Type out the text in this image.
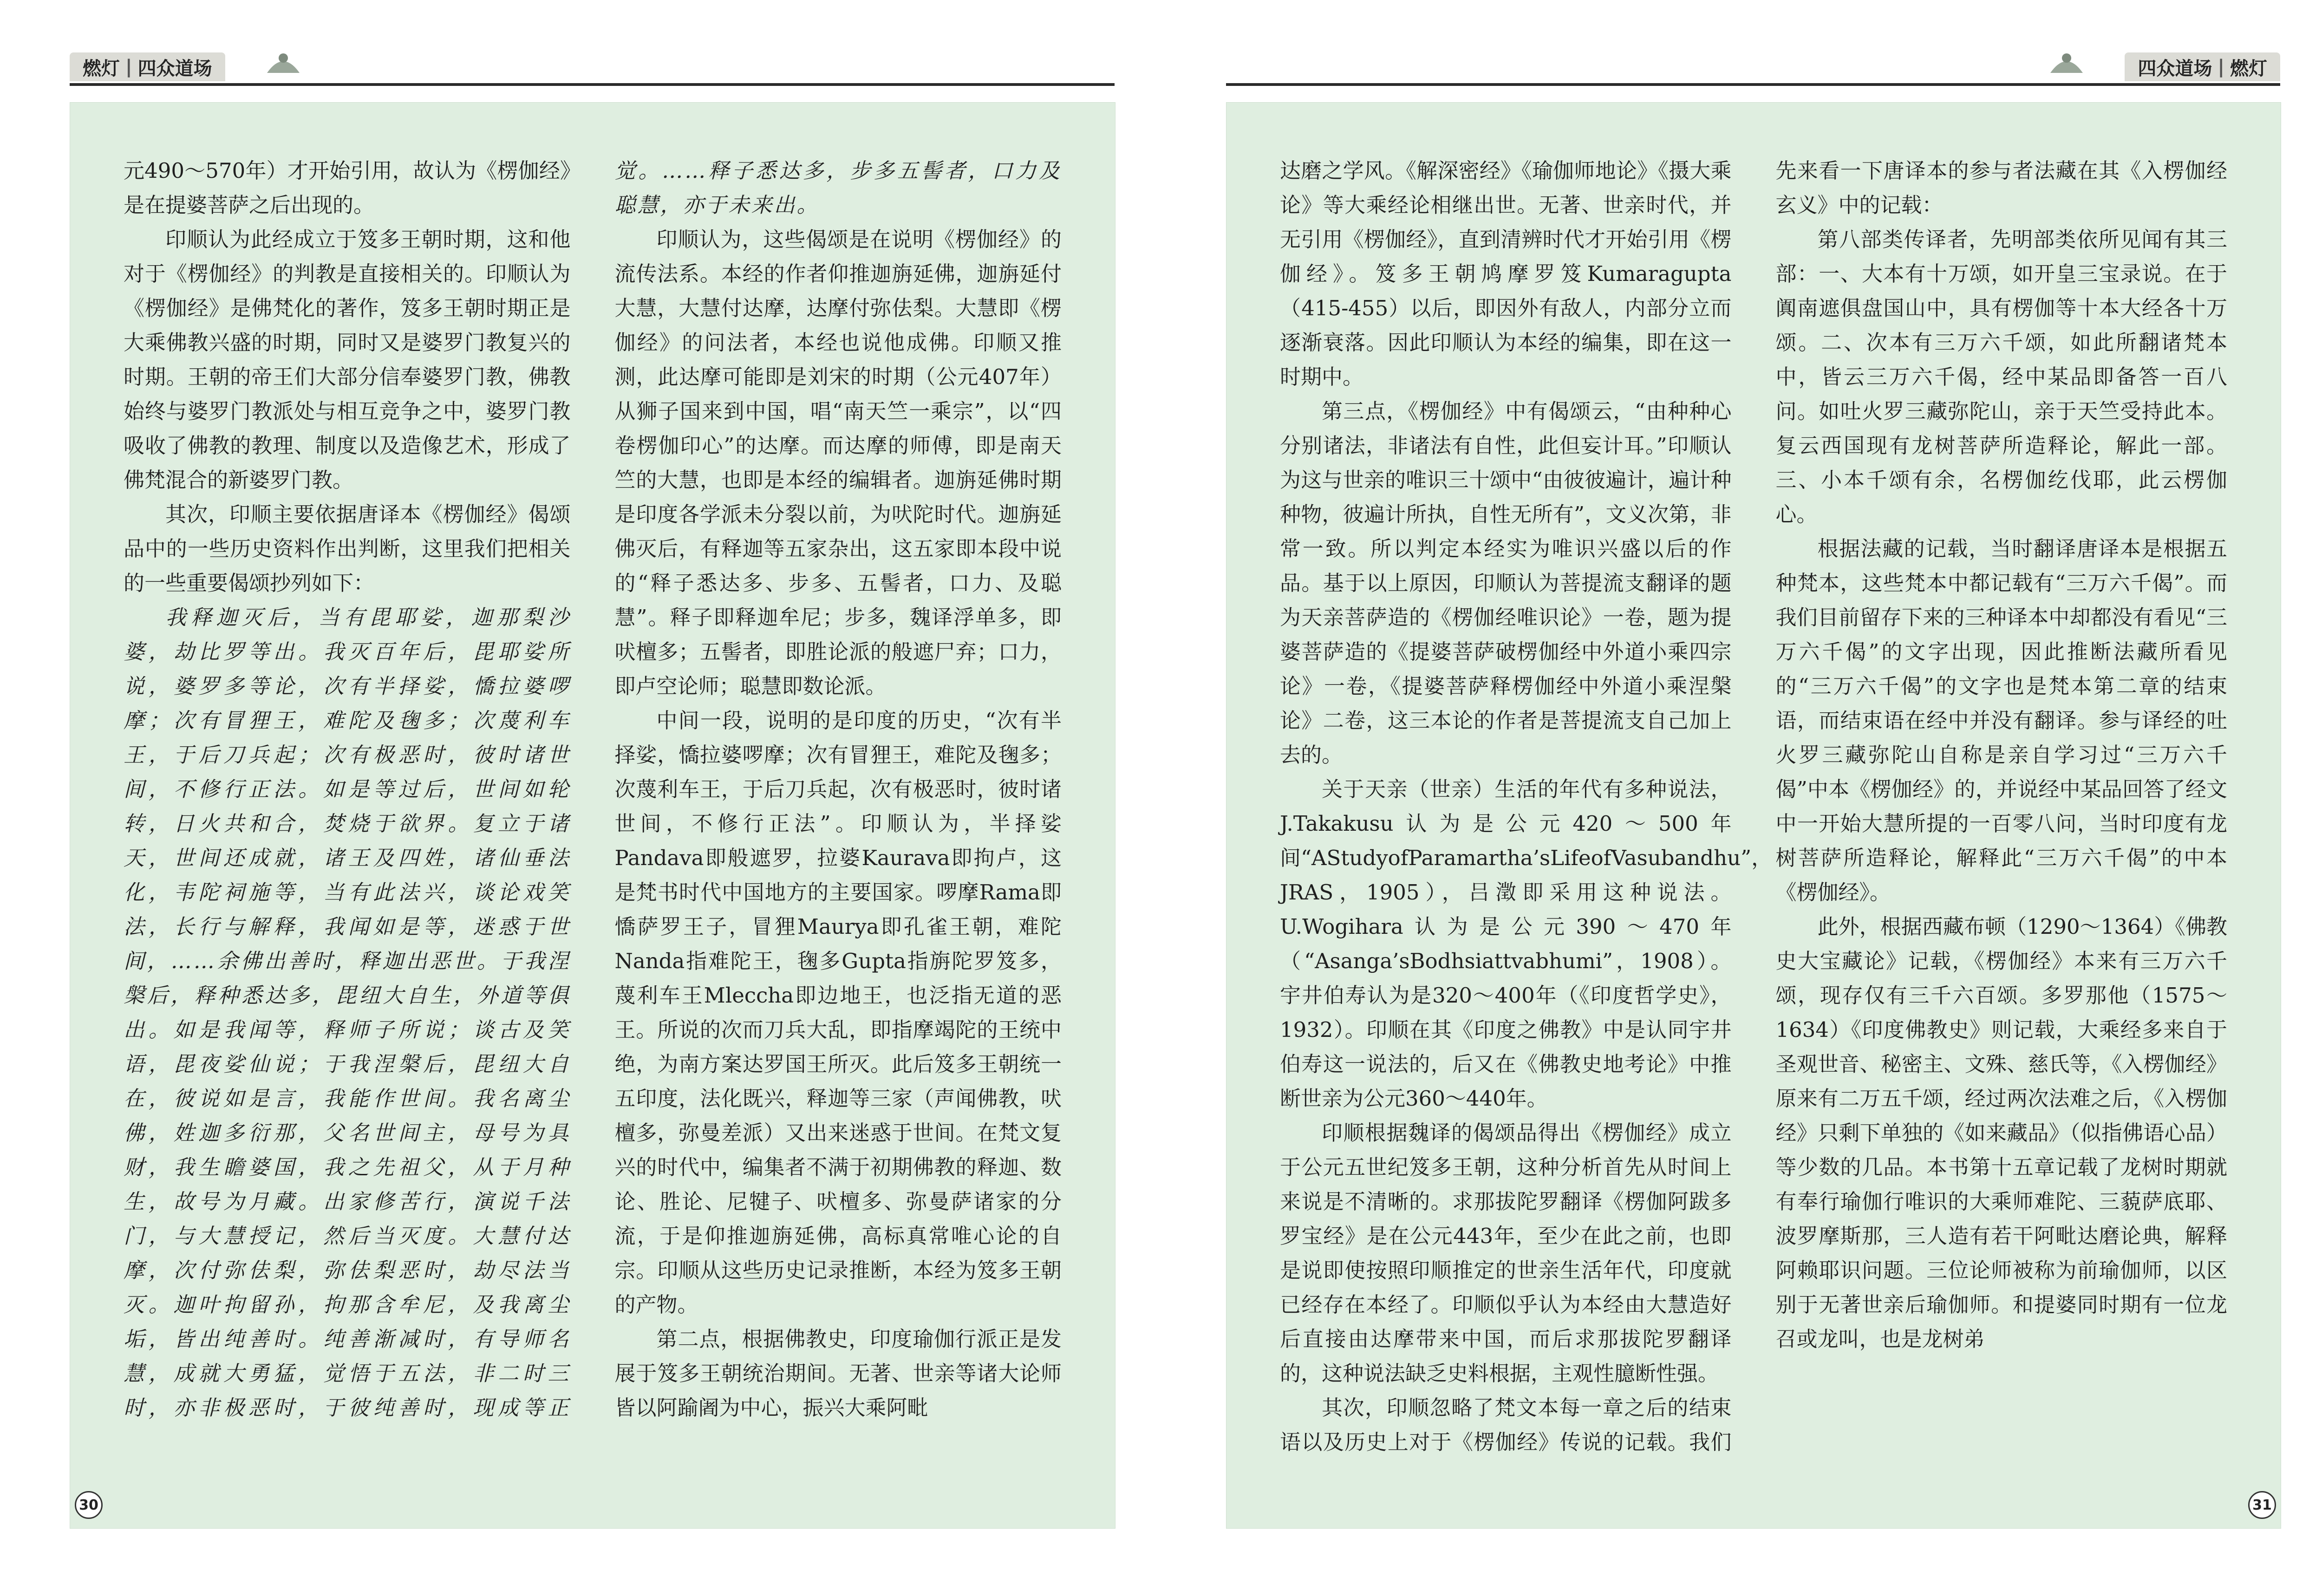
燃灯 | 四众道场	四众道场 | 燃灯

元490～570年）才开始引用，故认为《楞伽经》是在提婆菩萨之后出现的。

印顺认为此经成立于笈多王朝时期，这和他对于《楞伽经》的判教是直接相关的。印顺认为《楞伽经》是佛梵化的著作，笈多王朝时期正是大乘佛教兴盛的时期，同时又是婆罗门教复兴的时期。王朝的帝王们大部分信奉婆罗门教，佛教始终与婆罗门教派处与相互竞争之中，婆罗门教吸收了佛教的教理、制度以及造像艺术，形成了佛梵混合的新婆罗门教。

其次，印顺主要依据唐译本《楞伽经》偈颂品中的一些历史资料作出判断，这里我们把相关的一些重要偈颂抄列如下：

我释迦灭后，当有毘耶娑，迦那梨沙婆，劫比罗等出。我灭百年后，毘耶娑所说，婆罗多等论，次有半择娑，憍拉婆啰摩；次有冒狸王，难陀及毱多；次蔑利车王，于后刀兵起；次有极恶时，彼时诸世间，不修行正法。如是等过后，世间如轮转，日火共和合，焚烧于欲界。复立于诸天，世间还成就，诸王及四姓，诸仙垂法化，韦陀祠施等，当有此法兴，谈论戏笑法，长行与解释，我闻如是等，迷惑于世间，……余佛出善时，释迦出恶世。于我涅槃后，释种悉达多，毘纽大自生，外道等俱出。如是我闻等，释师子所说；谈古及笑语，毘夜娑仙说；于我涅槃后，毘纽大自在，彼说如是言，我能作世间。我名离尘佛，姓迦多衍那，父名世间主，母号为具财，我生瞻婆国，我之先祖父，从于月种生，故号为月藏。出家修苦行，演说千法门，与大慧授记，然后当灭度。大慧付达摩，次付弥佉梨，弥佉梨恶时，劫尽法当灭。迦叶拘留孙，拘那含牟尼，及我离尘垢，皆出纯善时。纯善渐减时，有导师名慧，成就大勇猛，觉悟于五法，非二时三时，亦非极恶时，于彼纯善时，现成等正觉。……释子悉达多，步多五髻者，口力及聪慧，亦于未来出。

印顺认为，这些偈颂是在说明《楞伽经》的流传法系。本经的作者仰推迦旃延佛，迦旃延付大慧，大慧付达摩，达摩付弥佉梨。大慧即《楞伽经》的问法者，本经也说他成佛。印顺又推测，此达摩可能即是刘宋的时期（公元407年）从狮子国来到中国，唱“南天竺一乘宗”，以“四卷楞伽印心”的达摩。而达摩的师傅，即是南天竺的大慧，也即是本经的编辑者。迦旃延佛时期是印度各学派未分裂以前，为吠陀时代。迦旃延佛灭后，有释迦等五家杂出，这五家即本段中说的“释子悉达多、步多、五髻者，口力、及聪慧”。释子即释迦牟尼；步多，魏译浮单多，即吠檀多；五髻者，即胜论派的般遮尸弃；口力，即卢空论师；聪慧即数论派。

中间一段，说明的是印度的历史，“次有半择娑，憍拉婆啰摩；次有冒狸王，难陀及毱多；次蔑利车王，于后刀兵起，次有极恶时，彼时诸世间，不修行正法”。印顺认为，半择娑Pandava即般遮罗，拉婆Kaurava即拘卢，这是梵书时代中国地方的主要国家。啰摩Rama即憍萨罗王子，冒狸Maurya即孔雀王朝，难陀Nanda指难陀王，毱多Gupta指旃陀罗笈多，蔑利车王Mleccha即边地王，也泛指无道的恶王。所说的次而刀兵大乱，即指摩竭陀的王统中绝，为南方案达罗国王所灭。此后笈多王朝统一五印度，法化既兴，释迦等三家（声闻佛教，吠檀多，弥曼差派）又出来迷惑于世间。在梵文复兴的时代中，编集者不满于初期佛教的释迦、数论、胜论、尼犍子、吠檀多、弥曼萨诸家的分流，于是仰推迦旃延佛，高标真常唯心论的自宗。印顺从这些历史记录推断，本经为笈多王朝的产物。

第二点，根据佛教史，印度瑜伽行派正是发展于笈多王朝统治期间。无著、世亲等诸大论师皆以阿踰阇为中心，振兴大乘阿毗

30

达磨之学风。《解深密经》《瑜伽师地论》《摄大乘论》等大乘经论相继出世。无著、世亲时代，并无引用《楞伽经》，直到清辨时代才开始引用《楞伽经》。笈多王朝鸠摩罗笈Kumaragupta（415-455）以后，即因外有敌人，内部分立而逐渐衰落。因此印顺认为本经的编集，即在这一时期中。

第三点，《楞伽经》中有偈颂云，“由种种心分别诸法，非诸法有自性，此但妄计耳。”印顺认为这与世亲的唯识三十颂中“由彼彼遍计，遍计种种物，彼遍计所执，自性无所有”，文义次第，非常一致。所以判定本经实为唯识兴盛以后的作品。基于以上原因，印顺认为菩提流支翻译的题为天亲菩萨造的《楞伽经唯识论》一卷，题为提婆菩萨造的《提婆菩萨破楞伽经中外道小乘四宗论》一卷，《提婆菩萨释楞伽经中外道小乘涅槃论》二卷，这三本论的作者是菩提流支自己加上去的。

关于天亲（世亲）生活的年代有多种说法，J.Takakusu认为是公元420～500年间“AStudyofParamartha’sLifeofVasubandhu”，JRAS，1905），吕澂即采用这种说法。U.Wogihara认为是公元390～470年（“Asanga’sBodhsiattvabhumi”，1908）。宇井伯寿认为是320～400年（《印度哲学史》，1932）。印顺在其《印度之佛教》中是认同宇井伯寿这一说法的，后又在《佛教史地考论》中推断世亲为公元360～440年。

印顺根据魏译的偈颂品得出《楞伽经》成立于公元五世纪笈多王朝，这种分析首先从时间上来说是不清晰的。求那拔陀罗翻译《楞伽阿跋多罗宝经》是在公元443年，至少在此之前，也即是说即使按照印顺推定的世亲生活年代，印度就已经存在本经了。印顺似乎认为本经由大慧造好后直接由达摩带来中国，而后求那拔陀罗翻译的，这种说法缺乏史料根据，主观性臆断性强。

其次，印顺忽略了梵文本每一章之后的结束语以及历史上对于《楞伽经》传说的记载。我们先来看一下唐译本的参与者法藏在其《入楞伽经玄义》中的记载：

第八部类传译者，先明部类依所见闻有其三部：一、大本有十万颂，如开皇三宝录说。在于阗南遮俱盘国山中，具有楞伽等十本大经各十万颂。二、次本有三万六千颂，如此所翻诸梵本中，皆云三万六千偈，经中某品即备答一百八问。如吐火罗三藏弥陀山，亲于天竺受持此本。复云西国现有龙树菩萨所造释论，解此一部。三、小本千颂有余，名楞伽纥伐耶，此云楞伽心。

根据法藏的记载，当时翻译唐译本是根据五种梵本，这些梵本中都记载有“三万六千偈”。而我们目前留存下来的三种译本中却都没有看见“三万六千偈”的文字出现，因此推断法藏所看见的“三万六千偈”的文字也是梵本第二章的结束语，而结束语在经中并没有翻译。参与译经的吐火罗三藏弥陀山自称是亲自学习过“三万六千偈”中本《楞伽经》的，并说经中某品回答了经文中一开始大慧所提的一百零八问，当时印度有龙树菩萨所造释论，解释此“三万六千偈”的中本《楞伽经》。

此外，根据西藏布顿（1290～1364）《佛教史大宝藏论》记载，《楞伽经》本来有三万六千颂，现存仅有三千六百颂。多罗那他（1575～1634）《印度佛教史》则记载，大乘经多来自于圣观世音、秘密主、文殊、慈氏等，《入楞伽经》原来有二万五千颂，经过两次法难之后，《入楞伽经》只剩下单独的《如来藏品》（似指佛语心品）等少数的几品。本书第十五章记载了龙树时期就有奉行瑜伽行唯识的大乘师难陀、三藐萨底耶、波罗摩斯那，三人造有若干阿毗达磨论典，解释阿赖耶识问题。三位论师被称为前瑜伽师，以区别于无著世亲后瑜伽师。和提婆同时期有一位龙召或龙叫，也是龙树弟

31
